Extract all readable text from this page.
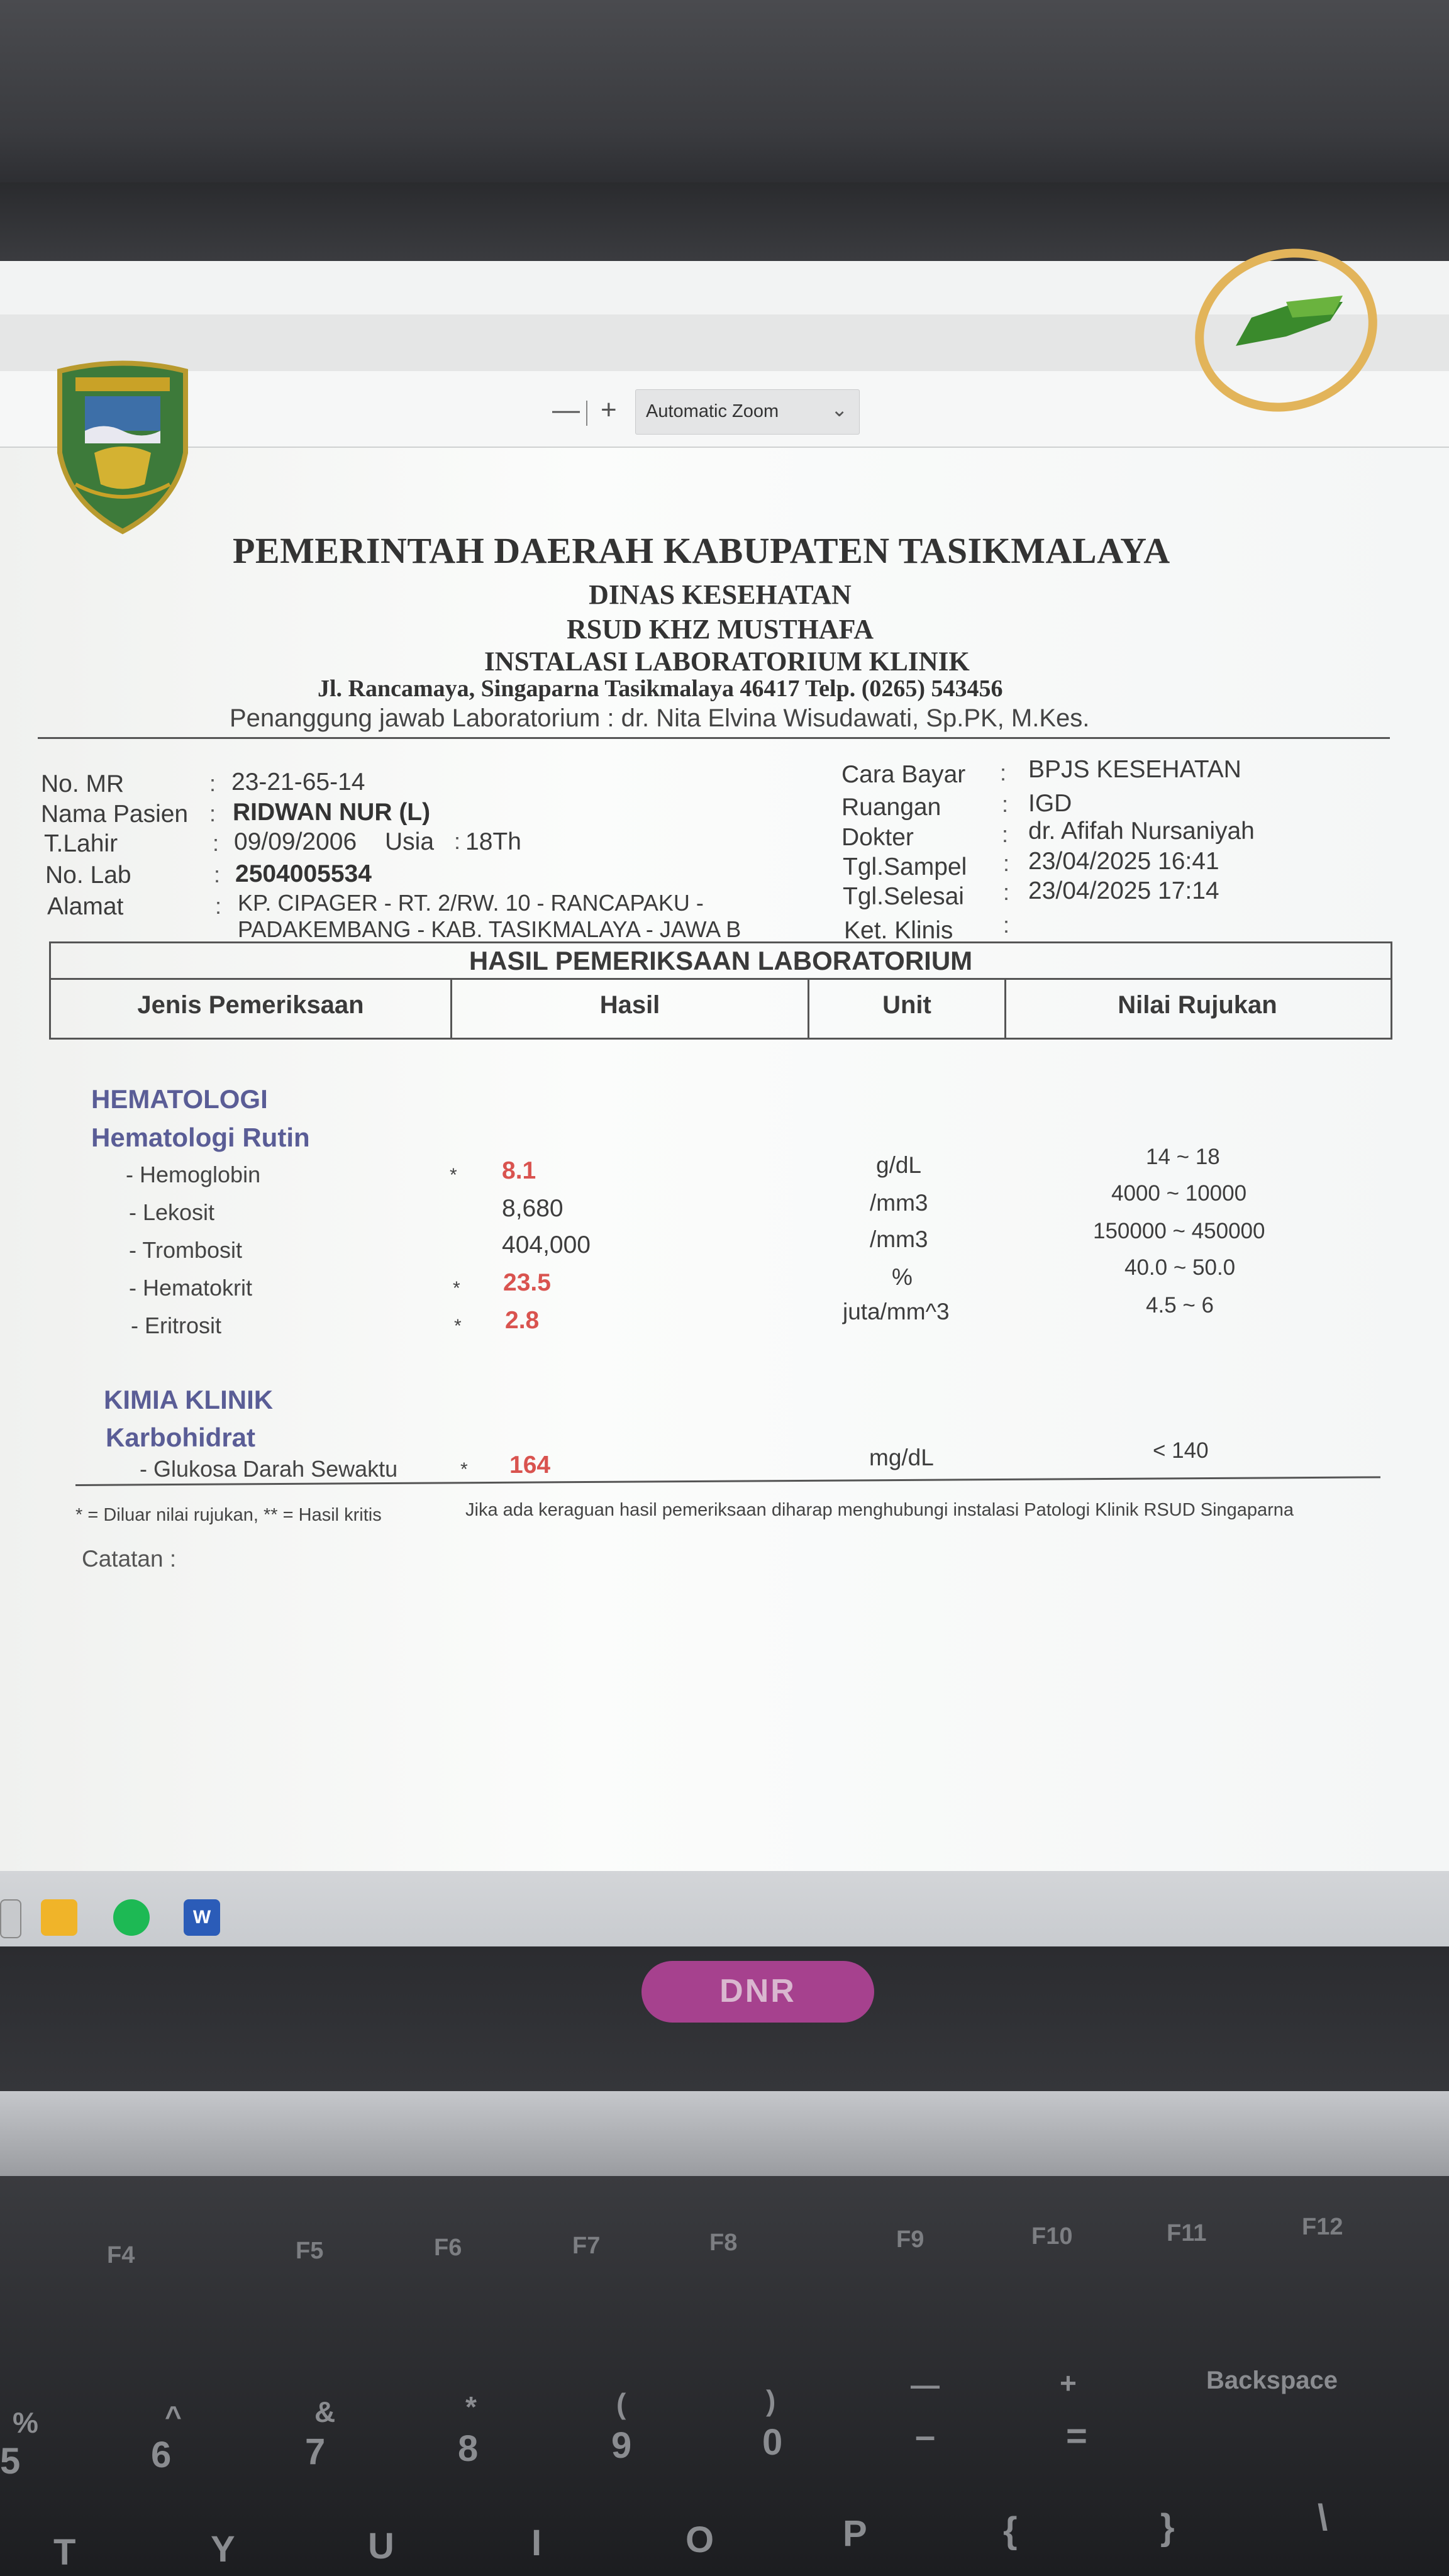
— + Automatic Zoom	⌄
PEMERINTAH DAERAH KABUPATEN TASIKMALAYA
DINAS KESEHATAN
RSUD KHZ MUSTHAFA
INSTALASI LABORATORIUM KLINIK
Jl. Rancamaya, Singaparna Tasikmalaya 46417 Telp. (0265) 543456
Penanggung jawab Laboratorium : dr. Nita Elvina Wisudawati, Sp.PK, M.Kes.
No. MR	: 23-21-65-14
Nama Pasien : RIDWAN NUR (L)
T.Lahir	: 09/09/2006 Usia : 18Th
No. Lab	: 2504005534
Alamat	: KP. CIPAGER - RT. 2/RW. 10 - RANCAPAKU -
PADAKEMBANG - KAB. TASIKMALAYA - JAWA B
Cara Bayar : BPJS KESEHATAN
Ruangan	: IGD
Dokter	: dr. Afifah Nursaniyah
Tgl.Sampel : 23/04/2025 16:41
Tgl.Selesai : 23/04/2025 17:14
Ket. Klinis :
HASIL PEMERIKSAAN LABORATORIUM
Jenis Pemeriksaan	Hasil	Unit	Nilai Rujukan
HEMATOLOGI
Hematologi Rutin
- Hemoglobin	* 8.1	g/dL	14 ~ 18
- Lekosit	8,680	/mm3	4000 ~ 10000
- Trombosit	404,000	/mm3	150000 ~ 450000
- Hematokrit	* 23.5	%	40.0 ~ 50.0
- Eritrosit	* 2.8	juta/mm^3	4.5 ~ 6
KIMIA KLINIK
Karbohidrat
- Glukosa Darah Sewaktu	* 164	mg/dL	< 140
* = Diluar nilai rujukan, ** = Hasil kritis	Jika ada keraguan hasil pemeriksaan diharap menghubungi instalasi Patologi Klinik RSUD Singaparna
Catatan :
W
DNR
F4	F5	F6	F7	F8	F9	F10	F11	F12
%
5
^
6
&
7
*
8
(
9
)
0
—
–
+
=
Backspace
T	Y	U	I	O	P	{	}	\
